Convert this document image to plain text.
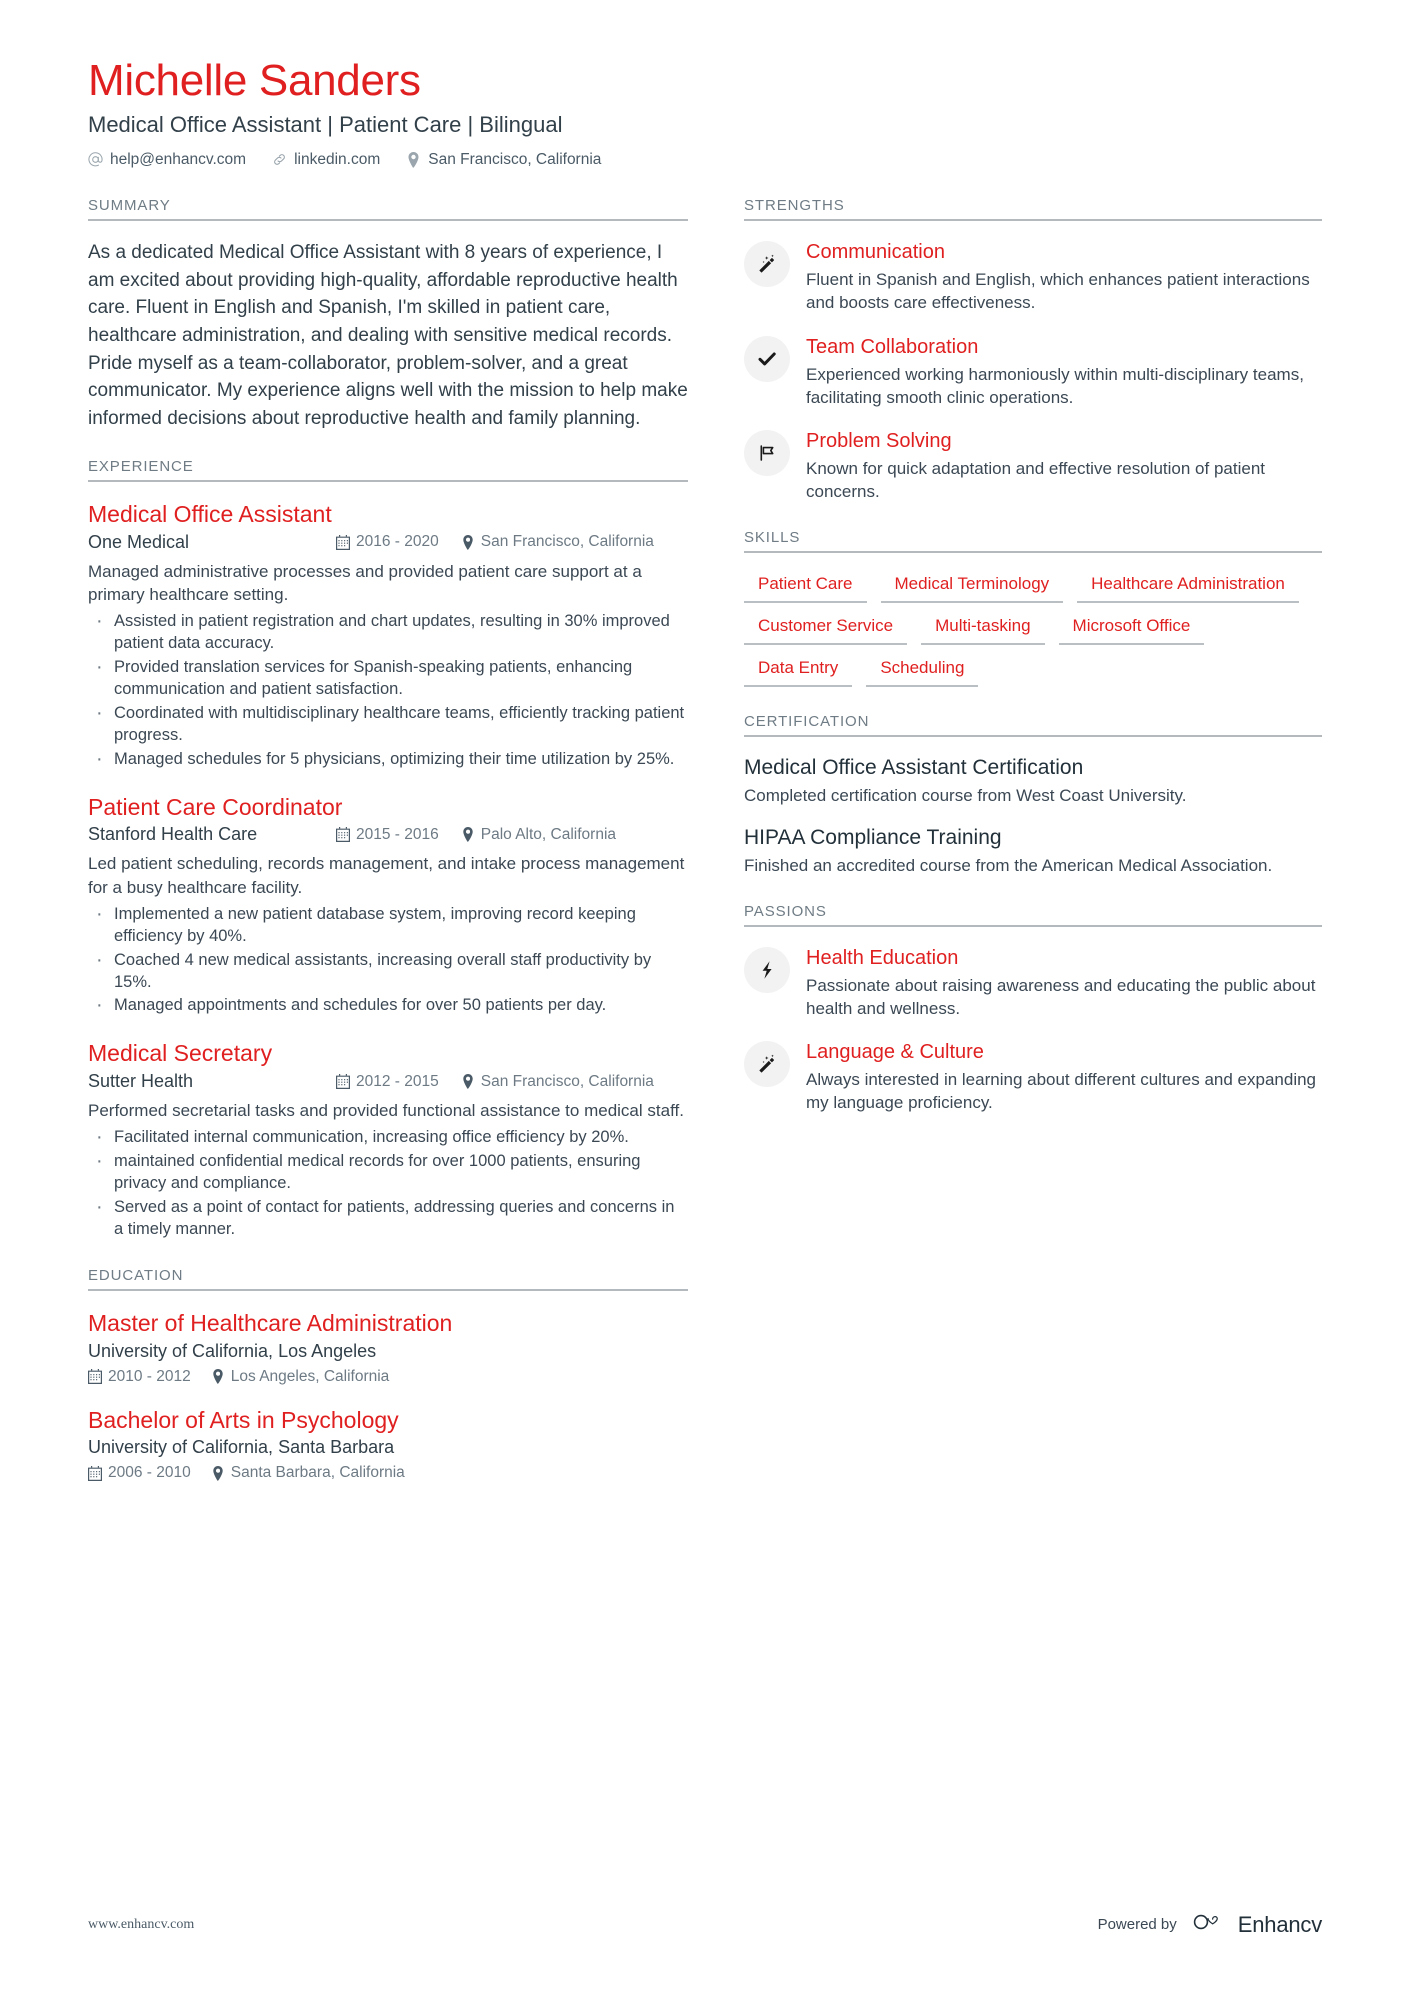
Michelle Sanders
Medical Office Assistant | Patient Care | Bilingual
help@enhancv.com	linkedin.com	San Francisco, California
SUMMARY
As a dedicated Medical Office Assistant with 8 years of experience, I am excited about providing high-quality, affordable reproductive health care. Fluent in English and Spanish, I'm skilled in patient care, healthcare administration, and dealing with sensitive medical records. Pride myself as a team-collaborator, problem-solver, and a great communicator. My experience aligns well with the mission to help make informed decisions about reproductive health and family planning.
EXPERIENCE
Medical Office Assistant
One Medical	2016 - 2020	San Francisco, California
Managed administrative processes and provided patient care support at a primary healthcare setting.
· Assisted in patient registration and chart updates, resulting in 30% improved patient data accuracy.
· Provided translation services for Spanish-speaking patients, enhancing communication and patient satisfaction.
· Coordinated with multidisciplinary healthcare teams, efficiently tracking patient progress.
· Managed schedules for 5 physicians, optimizing their time utilization by 25%.
Patient Care Coordinator
Stanford Health Care	2015 - 2016	Palo Alto, California
Led patient scheduling, records management, and intake process management for a busy healthcare facility.
· Implemented a new patient database system, improving record keeping efficiency by 40%.
· Coached 4 new medical assistants, increasing overall staff productivity by 15%.
· Managed appointments and schedules for over 50 patients per day.
Medical Secretary
Sutter Health	2012 - 2015	San Francisco, California
Performed secretarial tasks and provided functional assistance to medical staff.
· Facilitated internal communication, increasing office efficiency by 20%.
· maintained confidential medical records for over 1000 patients, ensuring privacy and compliance.
· Served as a point of contact for patients, addressing queries and concerns in a timely manner.
EDUCATION
Master of Healthcare Administration
University of California, Los Angeles
2010 - 2012	Los Angeles, California
Bachelor of Arts in Psychology
University of California, Santa Barbara
2006 - 2010	Santa Barbara, California
STRENGTHS
Communication
Fluent in Spanish and English, which enhances patient interactions and boosts care effectiveness.
Team Collaboration
Experienced working harmoniously within multi-disciplinary teams, facilitating smooth clinic operations.
Problem Solving
Known for quick adaptation and effective resolution of patient concerns.
SKILLS
Patient Care	Medical Terminology	Healthcare Administration
Customer Service	Multi-tasking	Microsoft Office
Data Entry	Scheduling
CERTIFICATION
Medical Office Assistant Certification
Completed certification course from West Coast University.
HIPAA Compliance Training
Finished an accredited course from the American Medical Association.
PASSIONS
Health Education
Passionate about raising awareness and educating the public about health and wellness.
Language & Culture
Always interested in learning about different cultures and expanding my language proficiency.
www.enhancv.com	Powered by	Enhancv
